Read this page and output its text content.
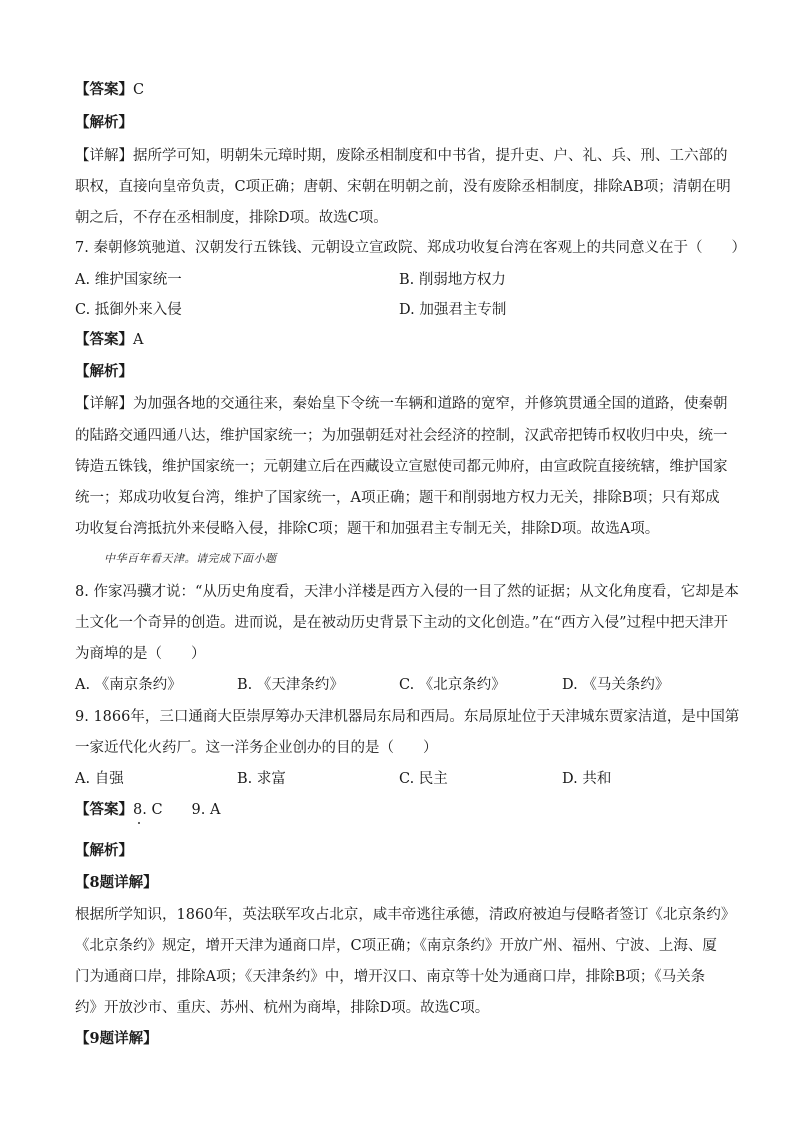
【答案】C
【解析】
【详解】据所学可知，明朝朱元璋时期，废除丞相制度和中书省，提升吏、户、礼、兵、刑、工六部的
职权，直接向皇帝负责，C项正确；唐朝、宋朝在明朝之前，没有废除丞相制度，排除AB项；清朝在明
朝之后，不存在丞相制度，排除D项。故选C项。
7. 秦朝修筑驰道、汉朝发行五铢钱、元朝设立宣政院、郑成功收复台湾在客观上的共同意义在于（　　）
A. 维护国家统一	B. 削弱地方权力
C. 抵御外来入侵	D. 加强君主专制
【答案】A
【解析】
【详解】为加强各地的交通往来，秦始皇下令统一车辆和道路的宽窄，并修筑贯通全国的道路，使秦朝
的陆路交通四通八达，维护国家统一；为加强朝廷对社会经济的控制，汉武帝把铸币权收归中央，统一
铸造五铢钱，维护国家统一；元朝建立后在西藏设立宣慰使司都元帅府，由宣政院直接统辖，维护国家
统一；郑成功收复台湾，维护了国家统一，A项正确；题干和削弱地方权力无关，排除B项；只有郑成
功收复台湾抵抗外来侵略入侵，排除C项；题干和加强君主专制无关，排除D项。故选A项。
中华百年看天津。请完成下面小题
8. 作家冯骥才说：“从历史角度看，天津小洋楼是西方入侵的一目了然的证据；从文化角度看，它却是本
土文化一个奇异的创造。进而说，是在被动历史背景下主动的文化创造。”在“西方入侵”过程中把天津开
为商埠的是（　　）
A. 《南京条约》	B. 《天津条约》	C. 《北京条约》	D. 《马关条约》
9. 1866年，三口通商大臣崇厚筹办天津机器局东局和西局。东局原址位于天津城东贾家洁道，是中国第
一家近代化火药厂。这一洋务企业创办的目的是（　　）
A. 自强	B. 求富	C. 民主	D. 共和
【答案】8. C　　9. A
【解析】
【8题详解】
根据所学知识，1860年，英法联军攻占北京，咸丰帝逃往承德，清政府被迫与侵略者签订《北京条约》
《北京条约》规定，增开天津为通商口岸，C项正确；《南京条约》开放广州、福州、宁波、上海、厦
门为通商口岸，排除A项；《天津条约》中，增开汉口、南京等十处为通商口岸，排除B项；《马关条
约》开放沙市、重庆、苏州、杭州为商埠，排除D项。故选C项。
【9题详解】
